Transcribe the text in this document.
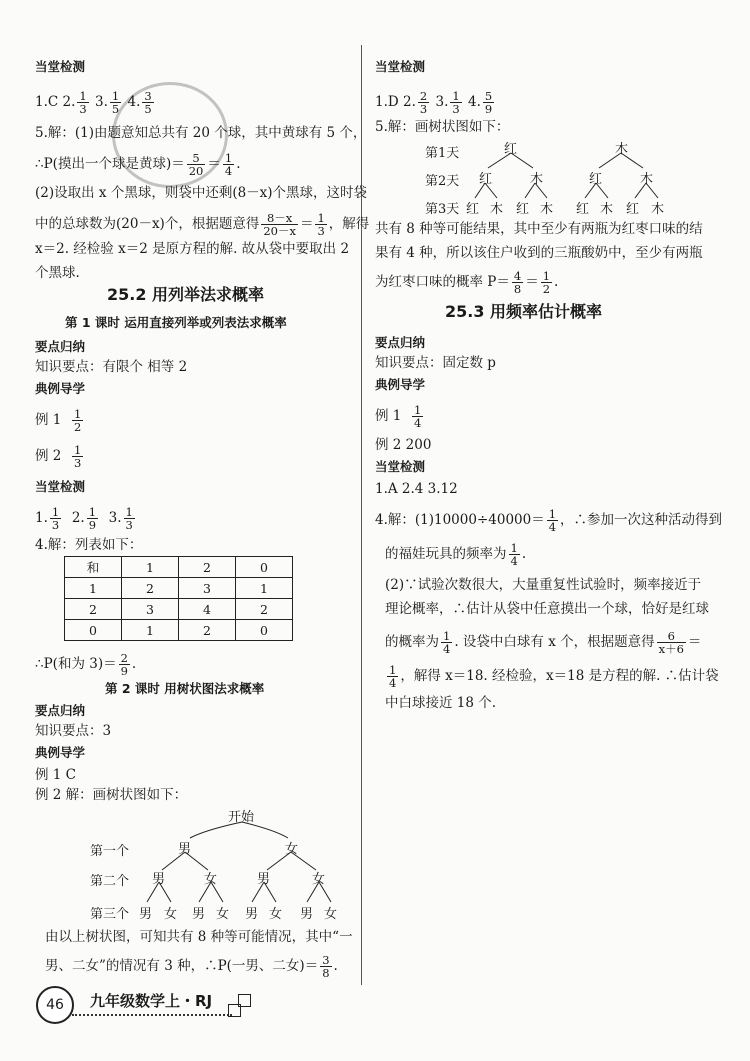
当堂检测
1.C 2. $\frac{1}{3} 3$. $\frac{1}{5} 4$. $\frac{3}{5}$
5.解：(1)由题意知总共有 20 个球，其中黄球有 5 个，
∴P(摸出一个球是黄球)＝ $\frac{5}{20} = \frac{1}{4}$ .
(2)设取出 x 个黑球，则袋中还剩(8－x)个黑球，这时袋
中的总球数为(20－x)个，根据题意得 $\frac{8-x}{20-x} = \frac{1}{3}$ ，解得
x＝2. 经检验 x＝2 是原方程的解. 故从袋中要取出 2
个黑球.
25.2 用列举法求概率
第 1 课时 运用直接列举或列表法求概率
要点归纳
知识要点：有限个 相等 2
典例导学
例 $1 \frac{1}{2}$
例 $2 \frac{1}{3}$
当堂检测
1. $\frac{1}{3} 2$. $\frac{1}{9} 3$. $\frac{1}{3}$
4.解：列表如下：
和	1	2	0
1	2	3	1
2	3	4	2
0	1	2	0
∴P(和为 $3)= \frac{2}{9}$ .
第 2 课时 用树状图法求概率
要点归纳
知识要点：3
典例导学
例 1 C
例 2 解：画树状图如下：
开始
第一个	男	女
第二个 男	女	男	女
第三个 男 女 男 女 男 女 男 女
由以上树状图，可知共有 8 种等可能情况，其中“一
男、二女”的情况有 3 种，∴P(一男、二女)＝ $\frac{3}{8}$ .
当堂检测
1.D 2. $\frac{2}{3} 3$. $\frac{1}{3} 4$. $\frac{5}{9}$
5.解：画树状图如下：
第1天	红	木
第2天 红	木	红	木
第3天 红 木 红 木 红 木 红 木
共有 8 种等可能结果，其中至少有两瓶为红枣口味的结
果有 4 种，所以该住户收到的三瓶酸奶中，至少有两瓶
为红枣口味的概率 $P= \frac{4}{8} = \frac{1}{2}$ .
25.3 用频率估计概率
要点归纳
知识要点：固定数 p
典例导学
例 $1 \frac{1}{4}$
例 2 200
当堂检测
1.A 2.4 3.12
4.解：$(1)10000\div 40000= \frac{1}{4}$ ，∴参加一次这种活动得到
的福娃玩具的频率为 $\frac{1}{4}$ .
(2)∵试验次数很大，大量重复性试验时，频率接近于
理论概率，∴估计从袋中任意摸出一个球，恰好是红球
的概率为 $\frac{1}{4}$ . 设袋中白球有 x 个，根据题意得 $\frac{6}{x+6}$ ＝
$\frac{1}{4}$ ，解得 x＝18. 经检验，x＝18 是方程的解. ∴估计袋
中白球接近 18 个.
46	九年级数学上・RJ
